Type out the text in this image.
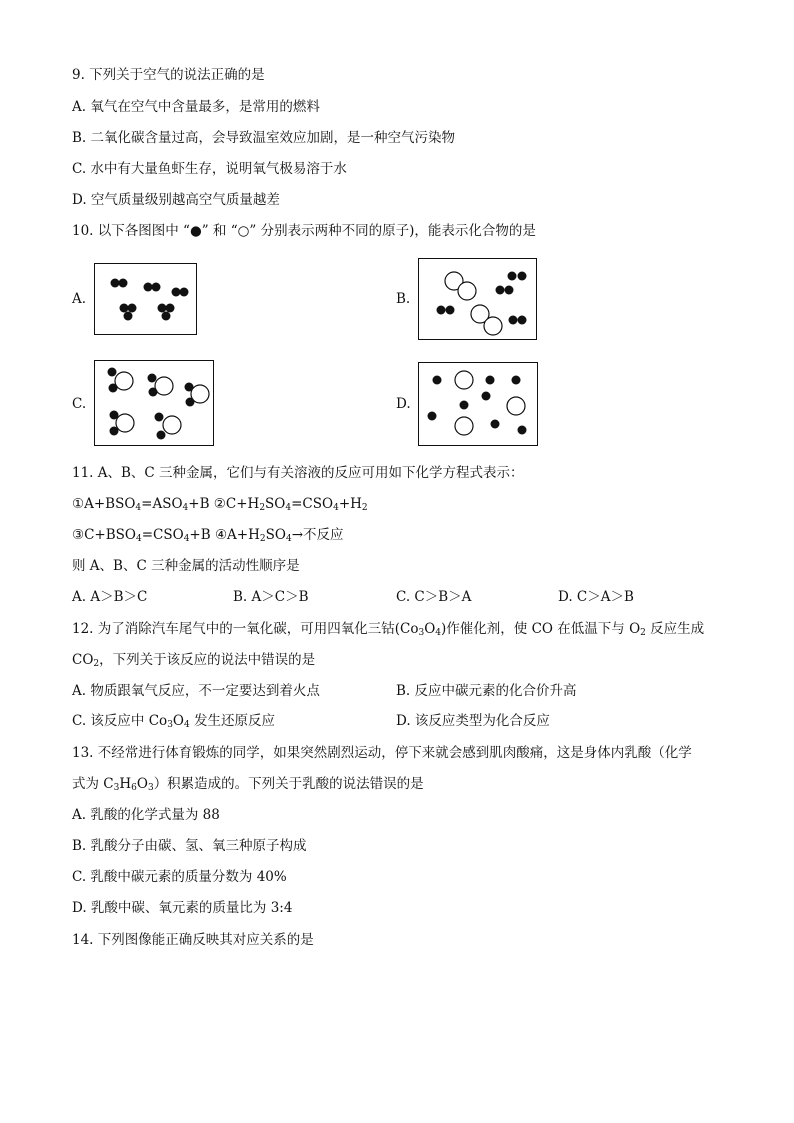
9. 下列关于空气的说法正确的是
A. 氧气在空气中含量最多，是常用的燃料
B. 二氧化碳含量过高，会导致温室效应加剧，是一种空气污染物
C. 水中有大量鱼虾生存，说明氧气极易溶于水
D. 空气质量级别越高空气质量越差
10. 以下各图图中 “●” 和 “○” 分别表示两种不同的原子)，能表示化合物的是
A.	B.
C.	D.
11. A、B、C 三种金属，它们与有关溶液的反应可用如下化学方程式表示：
$①A+BSO_4=ASO_4+B$ $②C+H_2SO_4=CSO_4+H_2$
$③C+BSO_4=CSO_4+B$ $④A+H_2SO_4\to$不反应
则 A、B、C 三种金属的活动性顺序是
A. A＞B＞C	B. A＞C＞B	C. C＞B＞A	D. C＞A＞B
12. 为了消除汽车尾气中的一氧化碳，可用四氧化三钴$(Co_3O_4)$作催化剂，使 CO 在低温下与 $O_2$ 反应生成
$CO_2$，下列关于该反应的说法中错误的是
A. 物质跟氧气反应，不一定要达到着火点	B. 反应中碳元素的化合价升高
C. 该反应中 $Co_3O_4$ 发生还原反应	D. 该反应类型为化合反应
13. 不经常进行体育锻炼的同学，如果突然剧烈运动，停下来就会感到肌肉酸痛，这是身体内乳酸（化学
式为 $C_3H_6O_3$）积累造成的。下列关于乳酸的说法错误的是
A. 乳酸的化学式量为 88
B. 乳酸分子由碳、氢、氧三种原子构成
C. 乳酸中碳元素的质量分数为 40%
D. 乳酸中碳、氧元素的质量比为 3:4
14. 下列图像能正确反映其对应关系的是
